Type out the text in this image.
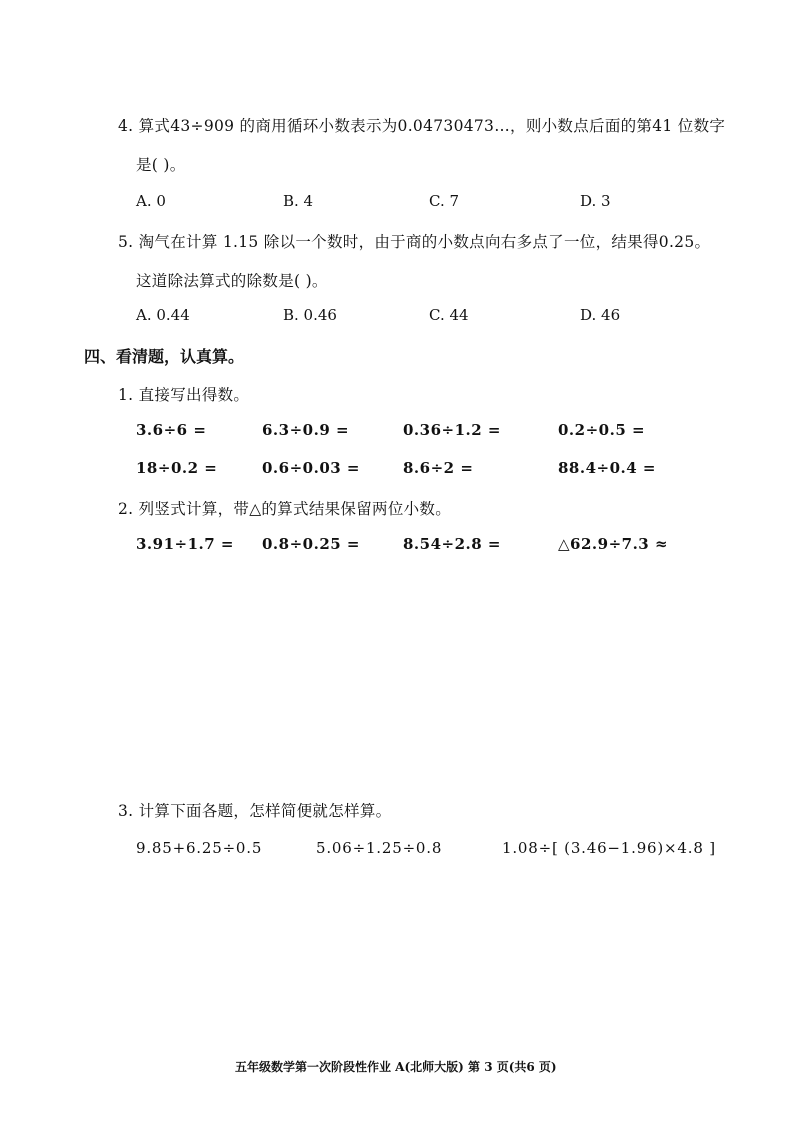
4. 算式43÷909 的商用循环小数表示为0.04730473…，则小数点后面的第41 位数字
是( )。
A. 0	B. 4	C. 7	D. 3
5. 淘气在计算 1.15 除以一个数时，由于商的小数点向右多点了一位，结果得0.25。
这道除法算式的除数是( )。
A. 0.44	B. 0.46	C. 44	D. 46
四、看清题，认真算。
1. 直接写出得数。
3.6÷6 =	6.3÷0.9 =	0.36÷1.2 =	0.2÷0.5 =
18÷0.2 =	0.6÷0.03 =	8.6÷2 =	88.4÷0.4 =
2. 列竖式计算，带△的算式结果保留两位小数。
3.91÷1.7 = 0.8÷0.25 =	8.54÷2.8 =	△62.9÷7.3 ≈
3. 计算下面各题，怎样简便就怎样算。
9.85+6.25÷0.5	5.06÷1.25÷0.8	1.08÷[ (3.46−1.96)×4.8 ]
五年级数学第一次阶段性作业 A(北师大版) 第 3 页(共6 页)
